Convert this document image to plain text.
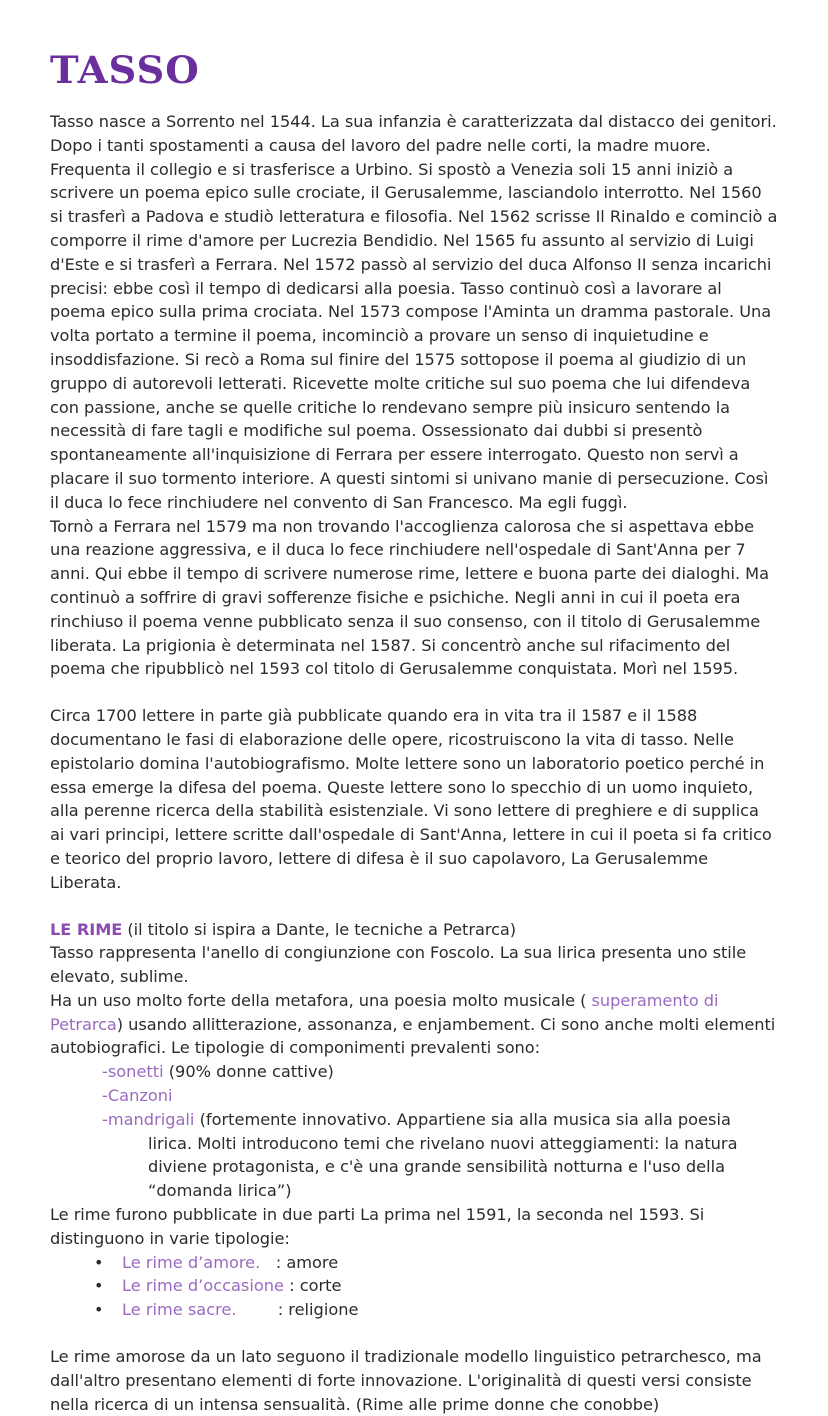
TASSO

Tasso nasce a Sorrento nel 1544. La sua infanzia è caratterizzata dal distacco dei genitori. Dopo i tanti spostamenti a causa del lavoro del padre nelle corti, la madre muore. Frequenta il collegio e si trasferisce a Urbino. Si spostò a Venezia soli 15 anni iniziò a scrivere un poema epico sulle crociate, il Gerusalemme, lasciandolo interrotto. Nel 1560 si trasferì a Padova e studiò letteratura e filosofia. Nel 1562 scrisse Il Rinaldo e cominciò a comporre il rime d'amore per Lucrezia Bendidio. Nel 1565 fu assunto al servizio di Luigi d'Este e si trasferì a Ferrara. Nel 1572 passò al servizio del duca Alfonso II senza incarichi precisi: ebbe così il tempo di dedicarsi alla poesia. Tasso continuò così a lavorare al poema epico sulla prima crociata. Nel 1573 compose l'Aminta un dramma pastorale. Una volta portato a termine il poema, incominciò a provare un senso di inquietudine e insoddisfazione. Si recò a Roma sul finire del 1575 sottopose il poema al giudizio di un gruppo di autorevoli letterati. Ricevette molte critiche sul suo poema che lui difendeva con passione, anche se quelle critiche lo rendevano sempre più insicuro sentendo la necessità di fare tagli e modifiche sul poema. Ossessionato dai dubbi si presentò spontaneamente all'inquisizione di Ferrara per essere interrogato. Questo non servì a placare il suo tormento interiore. A questi sintomi si univano manie di persecuzione. Così il duca lo fece rinchiudere nel convento di San Francesco. Ma egli fuggì.

Tornò a Ferrara nel 1579 ma non trovando l'accoglienza calorosa che si aspettava ebbe una reazione aggressiva, e il duca lo fece rinchiudere nell'ospedale di Sant'Anna per 7 anni. Qui ebbe il tempo di scrivere numerose rime, lettere e buona parte dei dialoghi. Ma continuò a soffrire di gravi sofferenze fisiche e psichiche. Negli anni in cui il poeta era rinchiuso il poema venne pubblicato senza il suo consenso, con il titolo di Gerusalemme liberata. La prigionia è determinata nel 1587. Si concentrò anche sul rifacimento del poema che ripubblicò nel 1593 col titolo di Gerusalemme conquistata. Morì nel 1595.

Circa 1700 lettere in parte già pubblicate quando era in vita tra il 1587 e il 1588 documentano le fasi di elaborazione delle opere, ricostruiscono la vita di tasso. Nelle epistolario domina l'autobiografismo. Molte lettere sono un laboratorio poetico perché in essa emerge la difesa del poema. Queste lettere sono lo specchio di un uomo inquieto, alla perenne ricerca della stabilità esistenziale. Vi sono lettere di preghiere e di supplica ai vari principi, lettere scritte dall'ospedale di Sant'Anna, lettere in cui il poeta si fa critico e teorico del proprio lavoro, lettere di difesa è il suo capolavoro, La Gerusalemme Liberata.

LE RIME (il titolo si ispira a Dante, le tecniche a Petrarca)

Tasso rappresenta l'anello di congiunzione con Foscolo. La sua lirica presenta uno stile elevato, sublime.

Ha un uso molto forte della metafora, una poesia molto musicale ( superamento di Petrarca) usando allitterazione, assonanza, e enjambement. Ci sono anche molti elementi autobiografici. Le tipologie di componimenti prevalenti sono:

-sonetti (90% donne cattive)
-Canzoni
-mandrigali (fortemente innovativo. Appartiene sia alla musica sia alla poesia lirica. Molti introducono temi che rivelano nuovi atteggiamenti: la natura diviene protagonista, e c'è una grande sensibilità notturna e l'uso della “domanda lirica”)

Le rime furono pubblicate in due parti La prima nel 1591, la seconda nel 1593. Si distinguono in varie tipologie:

• Le rime d’amore.   : amore
• Le rime d’occasione : corte
• Le rime sacre.        : religione

Le rime amorose da un lato seguono il tradizionale modello linguistico petrarchesco, ma dall'altro presentano elementi di forte innovazione. L'originalità di questi versi consiste nella ricerca di un intensa sensualità. (Rime alle prime donne che conobbe)
